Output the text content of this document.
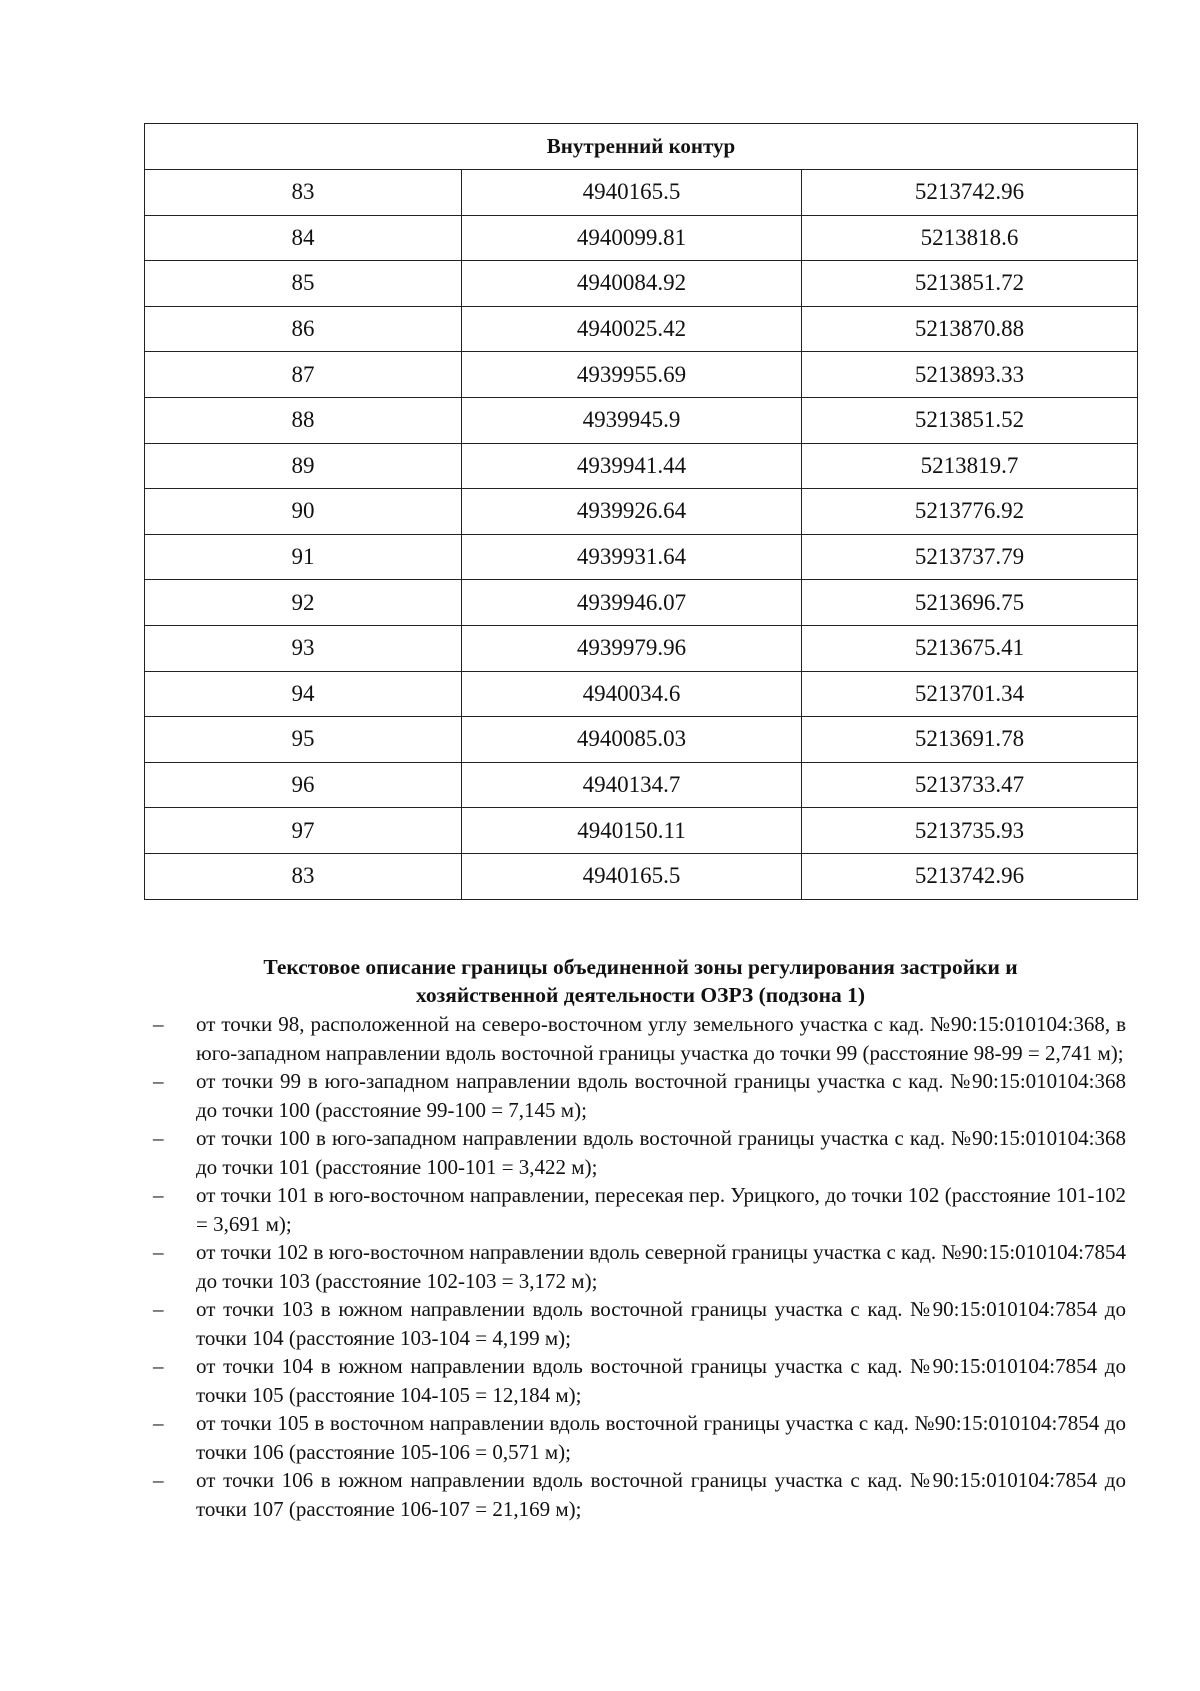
Внутренний контур		
83	4940165.5	5213742.96
84	4940099.81	5213818.6
85	4940084.92	5213851.72
86	4940025.42	5213870.88
87	4939955.69	5213893.33
88	4939945.9	5213851.52
89	4939941.44	5213819.7
90	4939926.64	5213776.92
91	4939931.64	5213737.79
92	4939946.07	5213696.75
93	4939979.96	5213675.41
94	4940034.6	5213701.34
95	4940085.03	5213691.78
96	4940134.7	5213733.47
97	4940150.11	5213735.93
83	4940165.5	5213742.96
Текстовое описание границы объединенной зоны регулирования застройки и
хозяйственной деятельности ОЗРЗ (подзона 1)
– от точки 98, расположенной на северо-восточном углу земельного участка с кад. №90:15:010104:368, в юго-западном направлении вдоль восточной границы участка до точки 99 (расстояние 98-99 = 2,741 м);
– от точки 99 в юго-западном направлении вдоль восточной границы участка с кад. №90:15:010104:368 до точки 100 (расстояние 99-100 = 7,145 м);
– от точки 100 в юго-западном направлении вдоль восточной границы участка с кад. №90:15:010104:368 до точки 101 (расстояние 100-101 = 3,422 м);
– от точки 101 в юго-восточном направлении, пересекая пер. Урицкого, до точки 102 (расстояние 101-102 = 3,691 м);
– от точки 102 в юго-восточном направлении вдоль северной границы участка с кад. №90:15:010104:7854 до точки 103 (расстояние 102-103 = 3,172 м);
– от точки 103 в южном направлении вдоль восточной границы участка с кад. №90:15:010104:7854 до точки 104 (расстояние 103-104 = 4,199 м);
– от точки 104 в южном направлении вдоль восточной границы участка с кад. №90:15:010104:7854 до точки 105 (расстояние 104-105 = 12,184 м);
– от точки 105 в восточном направлении вдоль восточной границы участка с кад. №90:15:010104:7854 до точки 106 (расстояние 105-106 = 0,571 м);
– от точки 106 в южном направлении вдоль восточной границы участка с кад. №90:15:010104:7854 до точки 107 (расстояние 106-107 = 21,169 м);
